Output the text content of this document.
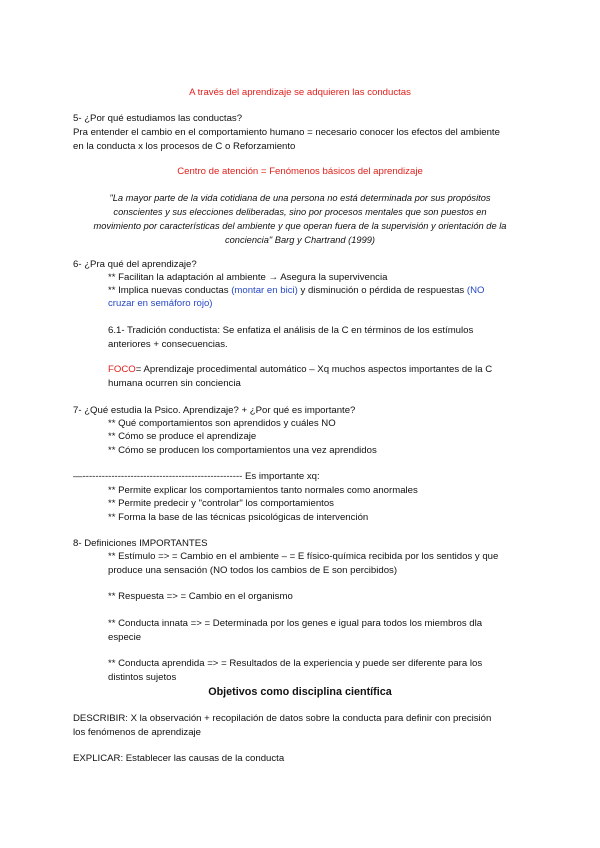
A través del aprendizaje se adquieren las conductas
5- ¿Por qué estudiamos las conductas?
Pra entender el cambio en el comportamiento humano = necesario conocer los efectos del ambiente
en la conducta x los procesos de C o Reforzamiento
Centro de atención = Fenómenos básicos del aprendizaje
"La mayor parte de la vida cotidiana de una persona no está determinada por sus propósitos
conscientes y sus elecciones deliberadas, sino por procesos mentales que son puestos en
movimiento por características del ambiente y que operan fuera de la supervisión y orientación de la
conciencia" Barg y Chartrand (1999)
6- ¿Pra qué del aprendizaje?
** Facilitan la adaptación al ambiente → Asegura la supervivencia
** Implica nuevas conductas (montar en bici) y disminución o pérdida de respuestas (NO
cruzar en semáforo rojo)
6.1- Tradición conductista: Se enfatiza el análisis de la C en términos de los estímulos
anteriores + consecuencias.
FOCO= Aprendizaje procedimental automático – Xq muchos aspectos importantes de la C
humana ocurren sin conciencia
7- ¿Qué estudia la Psico. Aprendizaje? + ¿Por qué es importante?
** Qué comportamientos son aprendidos y cuáles NO
** Cómo se produce el aprendizaje
** Cómo se producen los comportamientos una vez aprendidos
—-------------------------------------------------- Es importante xq:
** Permite explicar los comportamientos tanto normales como anormales
** Permite predecir y "controlar" los comportamientos
** Forma la base de las técnicas psicológicas de intervención
8- Definiciones IMPORTANTES
** Estímulo => = Cambio en el ambiente – = E físico-química recibida por los sentidos y que
produce una sensación (NO todos los cambios de E son percibidos)
** Respuesta => = Cambio en el organismo
** Conducta innata => = Determinada por los genes e igual para todos los miembros dla
especie
** Conducta aprendida => = Resultados de la experiencia y puede ser diferente para los
distintos sujetos
Objetivos como disciplina científica
DESCRIBIR: X la observación + recopilación de datos sobre la conducta para definir con precisión
los fenómenos de aprendizaje
EXPLICAR: Establecer las causas de la conducta
